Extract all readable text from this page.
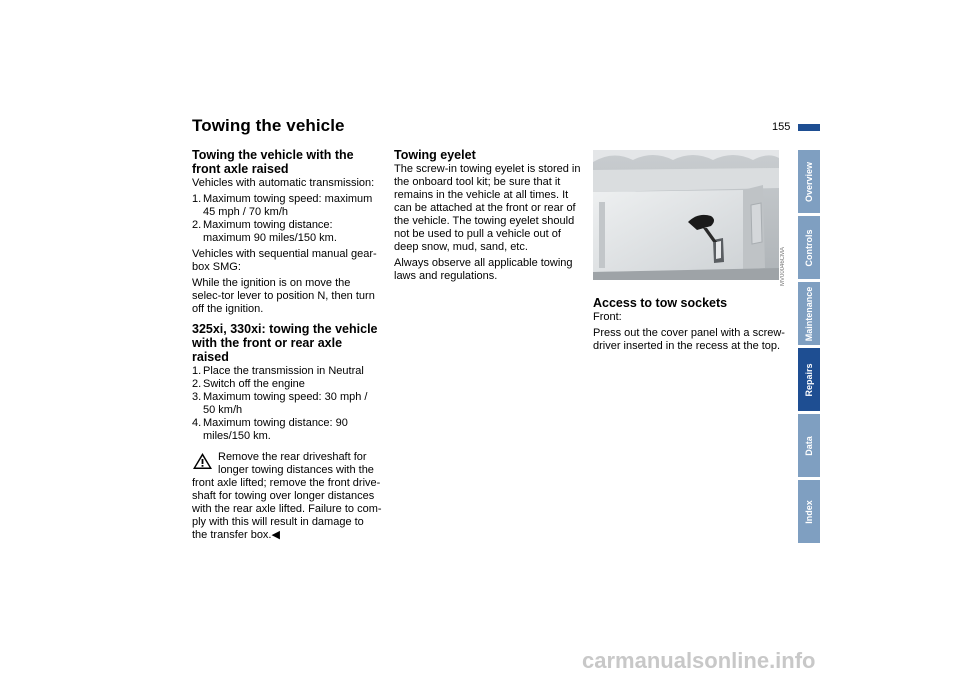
Towing the vehicle	155
Towing the vehicle with the front axle raised

Vehicles with automatic transmission:

1. Maximum towing speed: maximum 45 mph / 70 km/h
2. Maximum towing distance: maximum 90 miles/150 km.

Vehicles with sequential manual gear-box SMG:

While the ignition is on move the selec-tor lever to position N, then turn off the ignition.

325xi, 330xi: towing the vehicle with the front or rear axle raised
1. Place the transmission in Neutral
2. Switch off the engine
3. Maximum towing speed: 30 mph / 50 km/h
4. Maximum towing distance: 90 miles/150 km.
Remove the rear driveshaft for
longer towing distances with the
front axle lifted; remove the front drive-shaft for towing over longer distances with the rear axle lifted. Failure to com-ply with this will result in damage to the transfer box.◀
Towing eyelet

The screw-in towing eyelet is stored in the onboard tool kit; be sure that it remains in the vehicle at all times. It can be attached at the front or rear of the vehicle. The towing eyelet should not be used to pull a vehicle out of deep snow, mud, sand, etc.

Always observe all applicable towing laws and regulations.	MV00046CMA
Access to tow sockets

Front:

Press out the cover panel with a screw-driver inserted in the recess at the top.

Overview
Controls
Maintenance
Repairs
Data
Index
carmanualsonline.info
